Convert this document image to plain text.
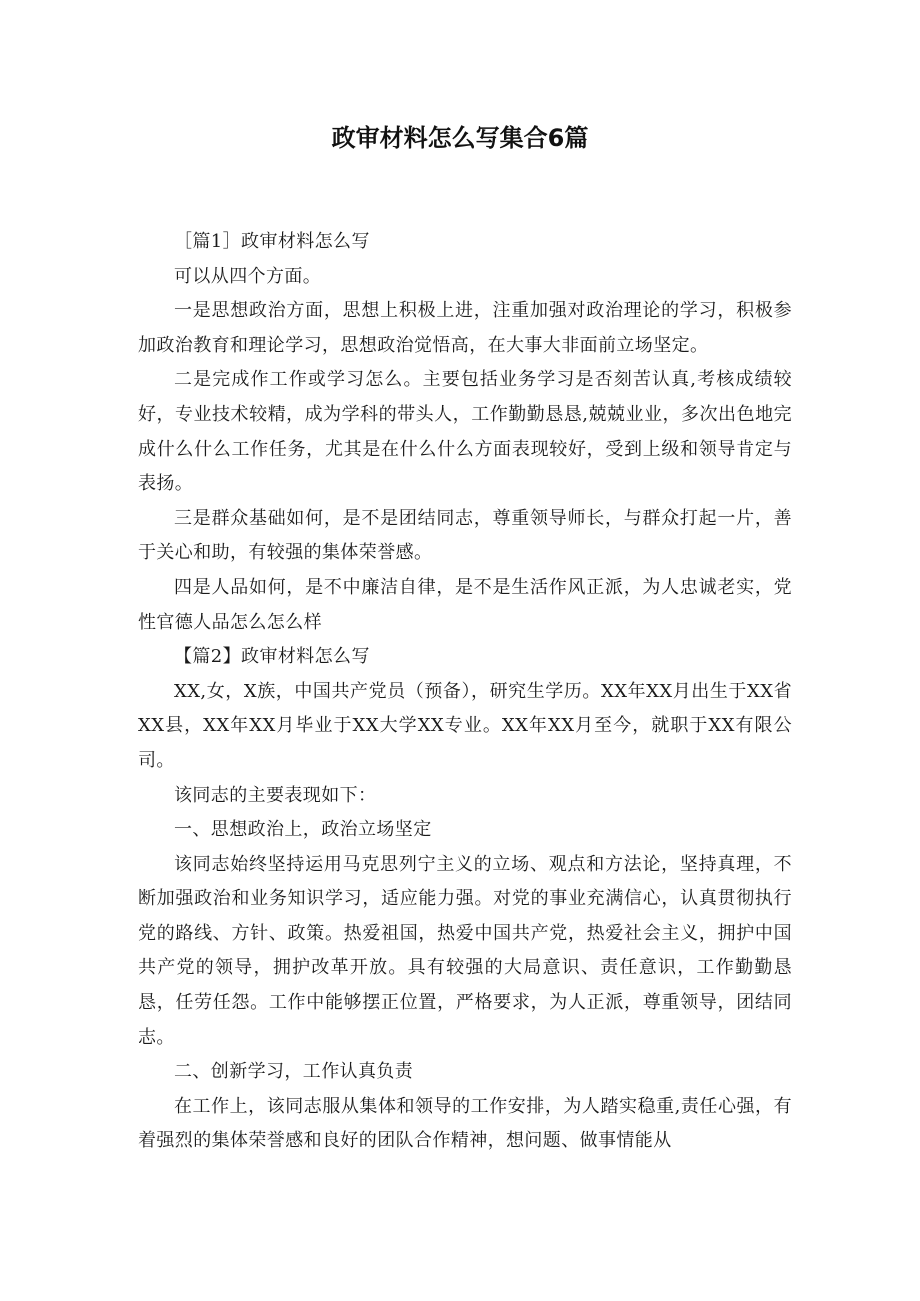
政审材料怎么写集合6篇

［篇1］政审材料怎么写

可以从四个方面。

一是思想政治方面，思想上积极上进，注重加强对政治理论的学习，积极参加政治教育和理论学习，思想政治觉悟高，在大事大非面前立场坚定。

二是完成作工作或学习怎么。主要包括业务学习是否刻苦认真,考核成绩较好，专业技术较精，成为学科的带头人，工作勤勤恳恳,兢兢业业，多次出色地完成什么什么工作任务，尤其是在什么什么方面表现较好，受到上级和领导肯定与表扬。

三是群众基础如何，是不是团结同志，尊重领导师长，与群众打起一片，善于关心和助，有较强的集体荣誉感。

四是人品如何，是不中廉洁自律，是不是生活作风正派，为人忠诚老实，党性官德人品怎么怎么样

【篇2】政审材料怎么写

XX,女，X族，中国共产党员（预备），研究生学历。XX年XX月出生于XX省XX县，XX年XX月毕业于XX大学XX专业。XX年XX月至今，就职于XX有限公司。

该同志的主要表现如下：

一、思想政治上，政治立场坚定

该同志始终坚持运用马克思列宁主义的立场、观点和方法论，坚持真理，不断加强政治和业务知识学习，适应能力强。对党的事业充满信心，认真贯彻执行党的路线、方针、政策。热爱祖国，热爱中国共产党，热爱社会主义，拥护中国共产党的领导，拥护改革开放。具有较强的大局意识、责任意识，工作勤勤恳恳，任劳任怨。工作中能够摆正位置，严格要求，为人正派，尊重领导，团结同志。

二、创新学习，工作认真负责

在工作上，该同志服从集体和领导的工作安排，为人踏实稳重,责任心强，有着强烈的集体荣誉感和良好的团队合作精神，想问题、做事情能从
